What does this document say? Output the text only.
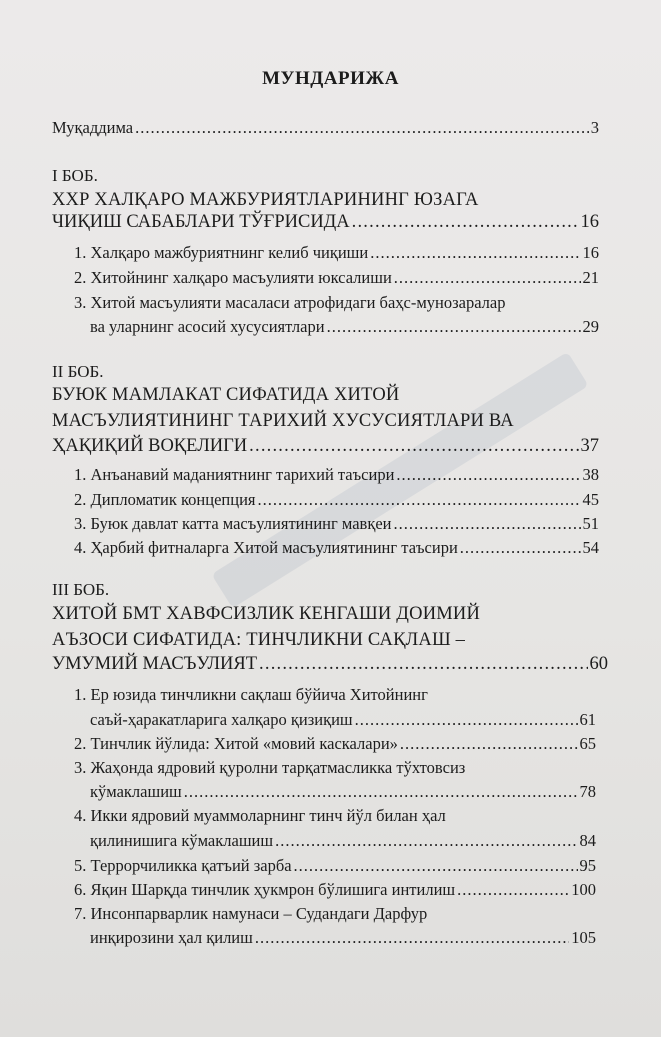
МУНДАРИЖА
Муқаддима .....	3
I БОБ.
ХХР ХАЛҚАРО МАЖБУРИЯТЛАРИНИНГ ЮЗАГА
ЧИҚИШ САБАБЛАРИ ТЎҒРИСИДА .....	16
1. Халқаро мажбуриятнинг келиб чиқиши .....	16
2. Хитойнинг халқаро масъулияти юксалиши .....	21
3. Хитой масъулияти масаласи атрофидаги баҳс-мунозаралар
ва уларнинг асосий хусусиятлари .....	29
II БОБ.
БУЮК МАМЛАКАТ СИФАТИДА ХИТОЙ
МАСЪУЛИЯТИНИНГ ТАРИХИЙ ХУСУСИЯТЛАРИ ВА
ҲАҚИҚИЙ ВОҚЕЛИГИ .....	37
1. Анъанавий маданиятнинг тарихий таъсири .....	38
2. Дипломатик концепция .....	45
3. Буюк давлат катта масъулиятининг мавқеи .....	51
4. Ҳарбий фитналарга Хитой масъулиятининг таъсири .....	54
III БОБ.
ХИТОЙ БМТ ХАВФСИЗЛИК КЕНГАШИ ДОИМИЙ
АЪЗОСИ СИФАТИДА: ТИНЧЛИКНИ САҚЛАШ –
УМУМИЙ МАСЪУЛИЯТ .....	60
1. Ер юзида тинчликни сақлаш бўйича Хитойнинг
саъй-ҳаракатларига халқаро қизиқиш .....	61
2. Тинчлик йўлида: Хитой «мовий каскалари» .....	65
3. Жаҳонда ядровий қуролни тарқатмасликка тўхтовсиз
кўмаклашиш .....	78
4. Икки ядровий муаммоларнинг тинч йўл билан ҳал
қилинишига кўмаклашиш .....	84
5. Террорчиликка қатъий зарба .....	95
6. Яқин Шарқда тинчлик ҳукмрон бўлишига интилиш .....	100
7. Инсонпарварлик намунаси – Судандаги Дарфур
инқирозини ҳал қилиш .....	105
